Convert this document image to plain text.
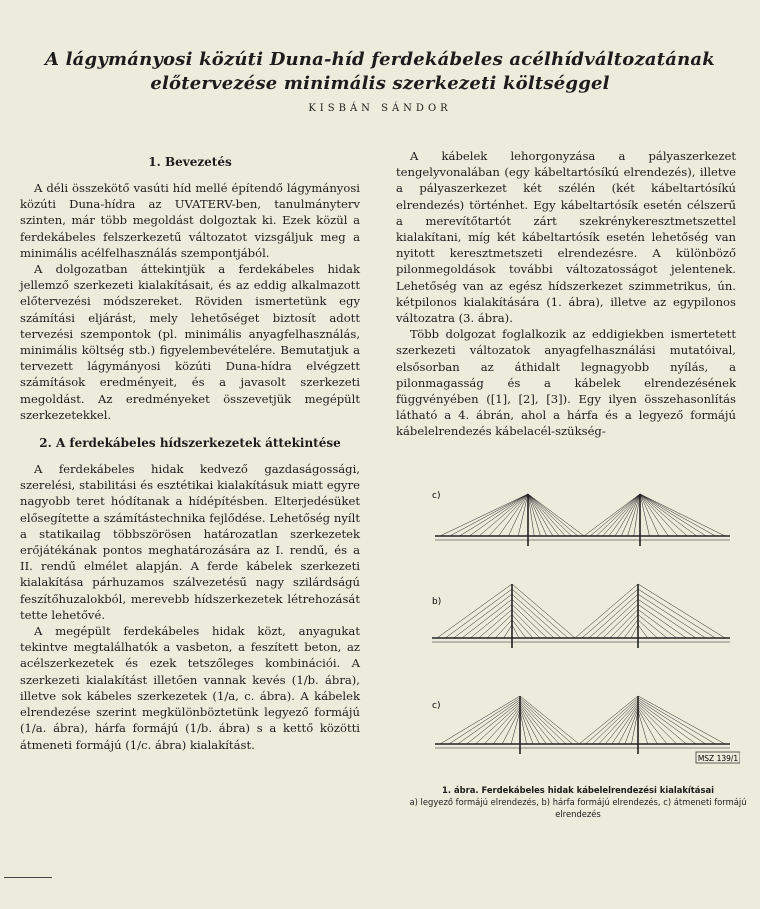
A lágymányosi közúti Duna-híd ferdekábeles acélhídváltozatának
előtervezése minimális szerkezeti költséggel
KISBÁN SÁNDOR
1. Bevezetés

A déli összekötő vasúti híd mellé építendő lágymányosi közúti Duna-hídra az UVATERV-ben, tanulmányterv szinten, már több megoldást dolgoztak ki. Ezek közül a ferdekábeles felszerkezetű változatot vizsgáljuk meg a minimális acélfelhasználás szempontjából.

A dolgozatban áttekintjük a ferdekábeles hidak jellemző szerkezeti kialakításait, és az eddig alkalmazott előtervezési módszereket. Röviden ismertetünk egy számítási eljárást, mely lehetőséget biztosít adott tervezési szempontok (pl. minimális anyagfelhasználás, minimális költség stb.) figyelembevételére. Bemutatjuk a tervezett lágymányosi közúti Duna-hídra elvégzett számítások eredményeit, és a javasolt szerkezeti megoldást. Az eredményeket összevetjük megépült szerkezetekkel.

2. A ferdekábeles hídszerkezetek áttekintése

A ferdekábeles hidak kedvező gazdaságossági, szerelési, stabilitási és esztétikai kialakításuk miatt egyre nagyobb teret hódítanak a hídépítésben. Elterjedésüket elősegítette a számítástechnika fejlődése. Lehetőség nyílt a statikailag többszörösen határozatlan szerkezetek erőjátékának pontos meghatározására az I. rendű, és a II. rendű elmélet alapján. A ferde kábelek szerkezeti kialakítása párhuzamos szálvezetésű nagy szilárdságú feszítőhuzalokból, merevebb hídszerkezetek létrehozását tette lehetővé.

A megépült ferdekábeles hidak közt, anyagukat tekintve megtalálhatók a vasbeton, a feszített beton, az acélszerkezetek és ezek tetszőleges kombinációi. A szerkezeti kialakítást illetően vannak kevés (1/b. ábra), illetve sok kábeles szerkezetek (1/a, c. ábra). A kábelek elrendezése szerint megkülönböztetünk legyező formájú (1/a. ábra), hárfa formájú (1/b. ábra) s a kettő közötti átmeneti formájú (1/c. ábra) kialakítást.

A kábelek lehorgonyzása a pályaszerkezet tengelyvonalában (egy kábeltartósíkú elrendezés), illetve a pályaszerkezet két szélén (két kábeltartósíkú elrendezés) történhet. Egy kábeltartósík esetén célszerű a merevítőtartót zárt szekrénykeresztmetszettel kialakítani, míg két kábeltartósík esetén lehetőség van nyitott keresztmetszeti elrendezésre. A különböző pilonmegoldások további változatosságot jelentenek. Lehetőség van az egész hídszerkezet szimmetrikus, ún. kétpilonos kialakítására (1. ábra), illetve az egypilonos változatra (3. ábra).

Több dolgozat foglalkozik az eddigiekben ismertetett szerkezeti változatok anyagfelhasználási mutatóival, elsősorban az áthidalt legnagyobb nyílás, a pilonmagasság és a kábelek elrendezésének függvényében ([1], [2], [3]). Egy ilyen összehasonlítás látható a 4. ábrán, ahol a hárfa és a legyező formájú kábelelrendezés kábelacél-szükség-

c)
b)
c)
MSZ 139/1
1. ábra. Ferdekábeles hidak kábelelrendezési kialakításai
a) legyező formájú elrendezés, b) hárfa formájú elrendezés, c) átmeneti formájú elrendezés
